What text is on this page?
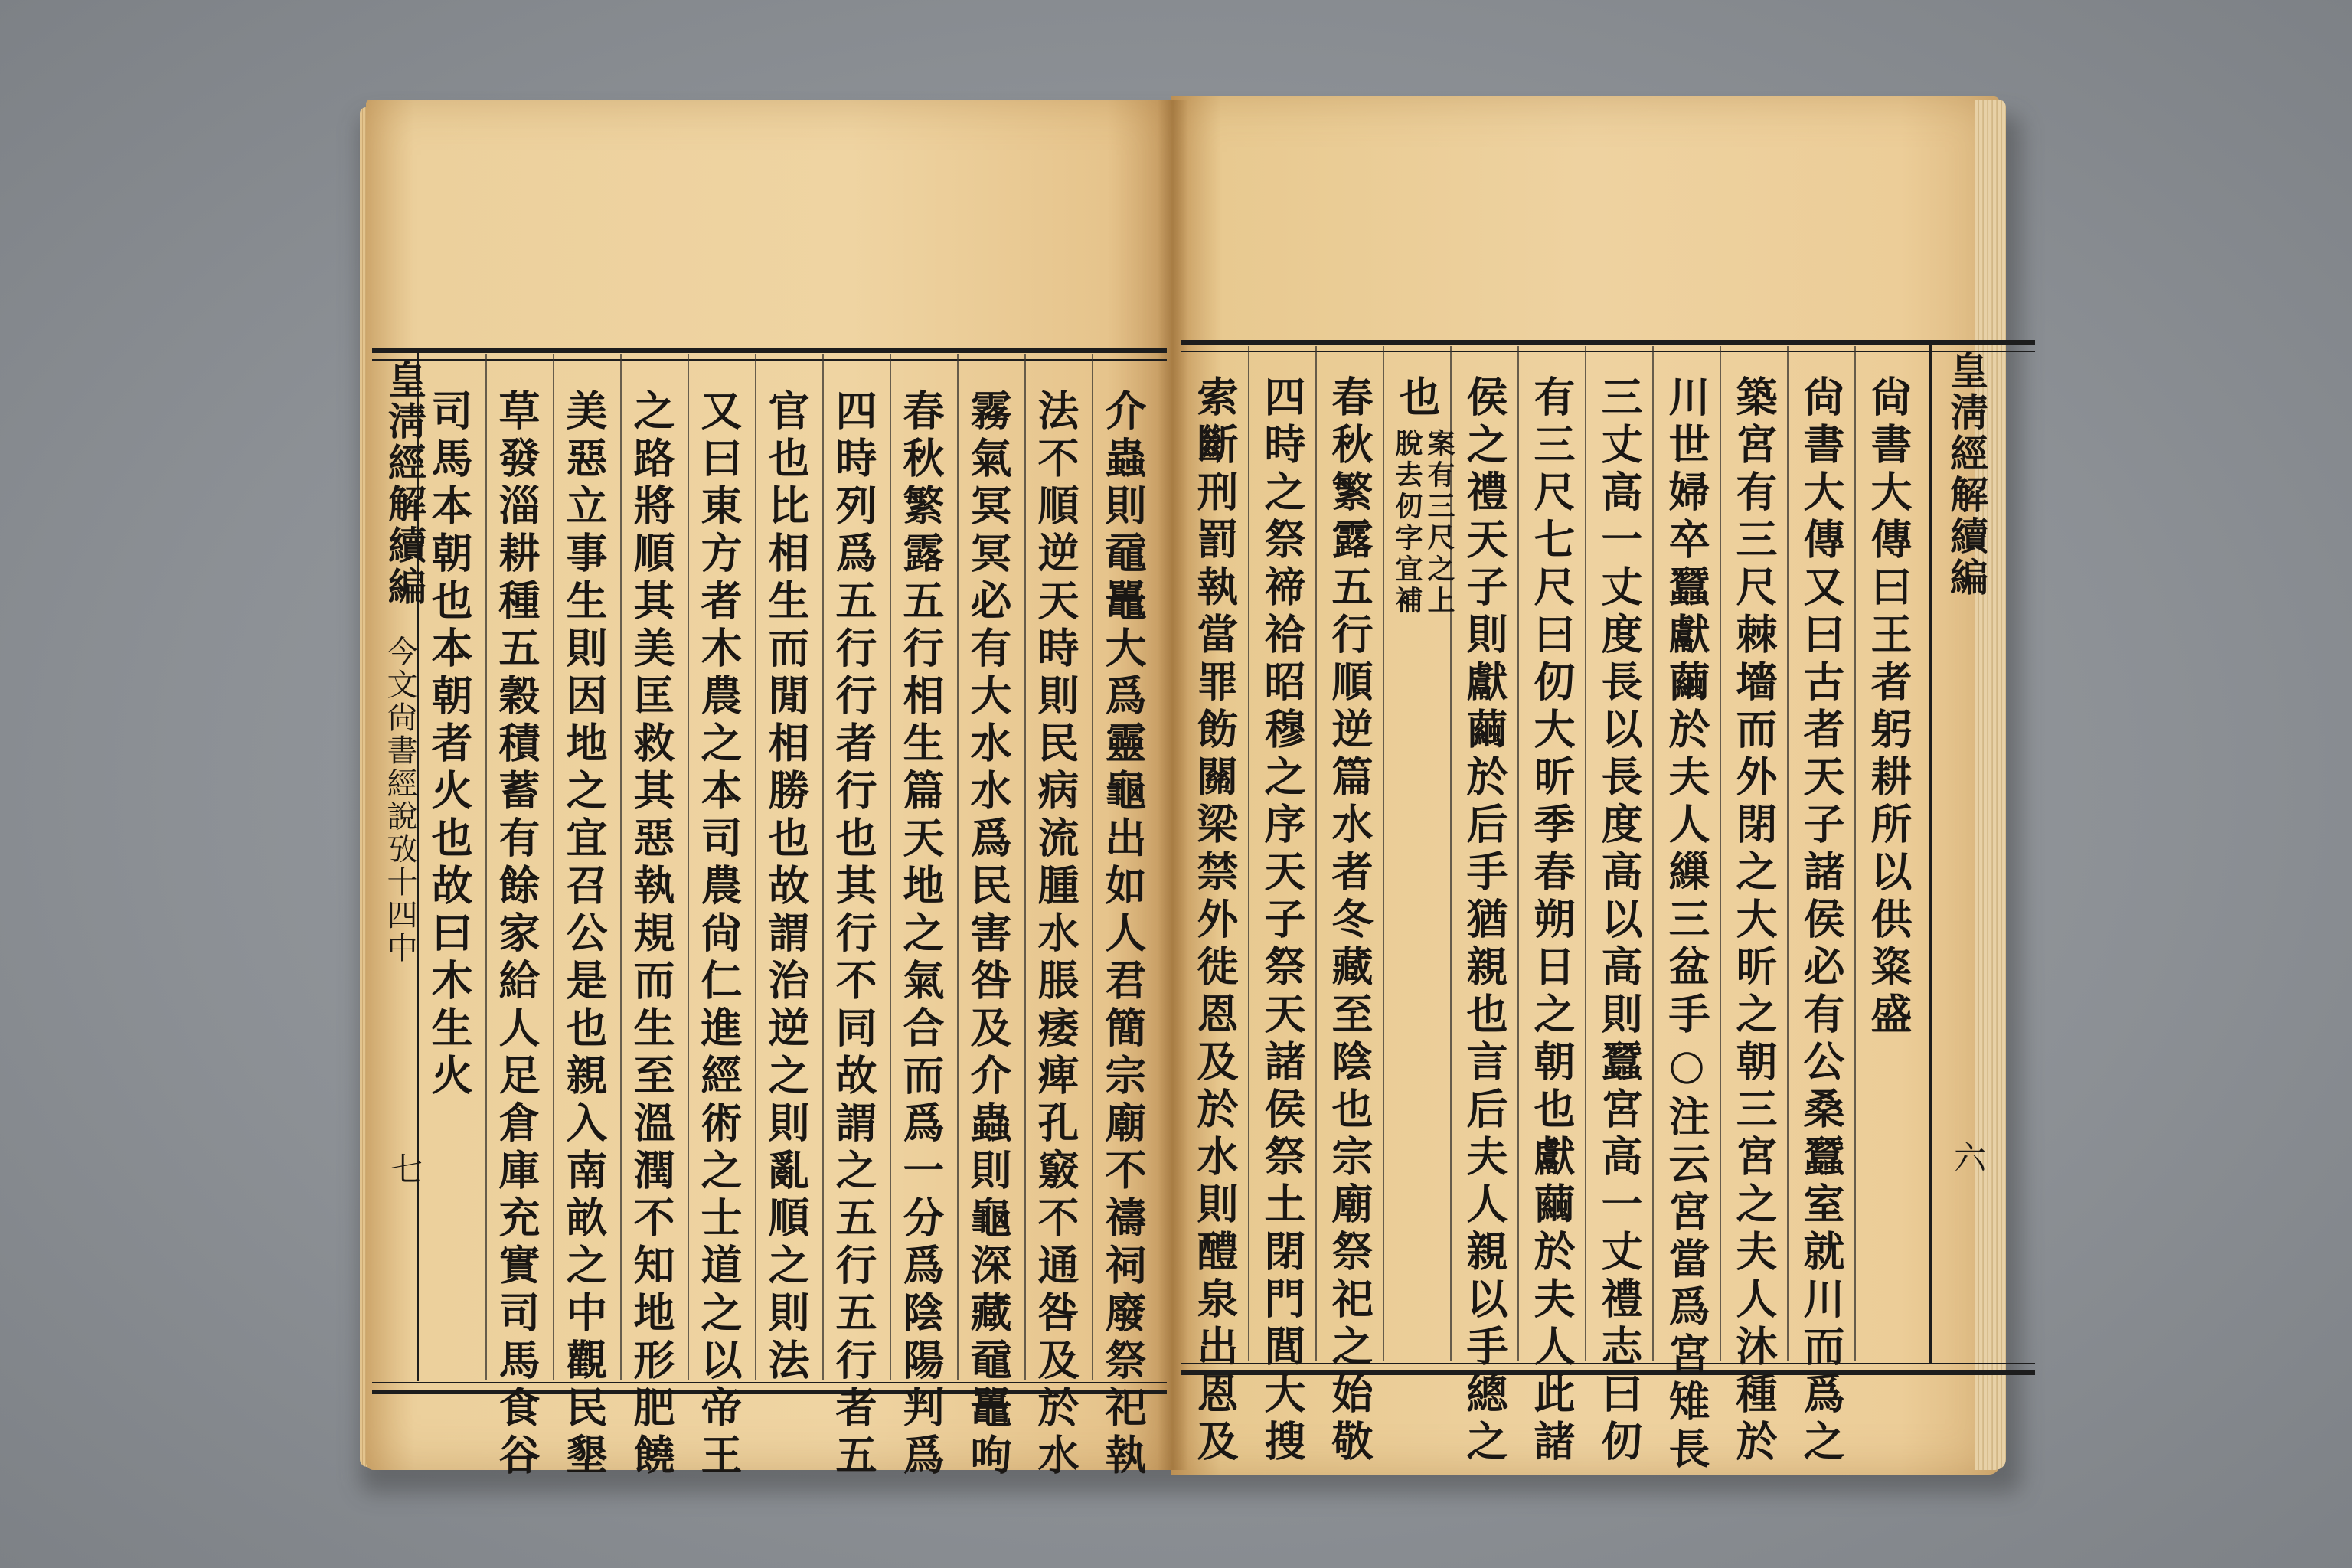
皇淸經解續編
今文尙書經說攷十四中
七	介蟲則黿鼉大爲靈龜出如人君簡宗廟不禱祠廢祭祀執
法不順逆天時則民病流腫水脹痿痺孔竅不通咎及於水
霧氣冥冥必有大水水爲民害咎及介蟲則龜深藏黿鼉呴
春秋繁露五行相生篇天地之氣合而爲一分爲陰陽判爲
四時列爲五行行者行也其行不同故謂之五行五行者五
官也比相生而閒相勝也故謂治逆之則亂順之則法
又曰東方者木農之本司農尙仁進經術之士道之以帝王
之路將順其美匡救其惡執規而生至溫潤不知地形肥饒
美惡立事生則因地之宜召公是也親入南畝之中觀民墾
草發淄耕種五穀積蓄有餘家給人足倉庫充實司馬食谷
司馬本朝也本朝者火也故曰木生火	皇淸經解續編
六
尙書大傳曰王者躬耕所以供粢盛
尙書大傳又曰古者天子諸侯必有公桑蠶室就川而爲之
築宮有三尺棘墻而外閉之大昕之朝三宮之夫人沐種於
川世婦卒蠶獻繭於夫人繅三盆手○注云宮當爲宮雉長
三丈高一丈度長以長度高以高則蠶宮高一丈禮志曰仞
有三尺七尺曰仞大昕季春朔日之朝也獻繭於夫人此諸
侯之禮天子則獻繭於后手猶親也言后夫人親以手總之
也
案有三尺之上
脫去仞字宜補
春秋繁露五行順逆篇水者冬藏至陰也宗廟祭祀之始敬
四時之祭禘祫昭穆之序天子祭天諸侯祭土閉門閭大搜
索斷刑罰執當罪飭關梁禁外徙恩及於水則醴泉出恩及
